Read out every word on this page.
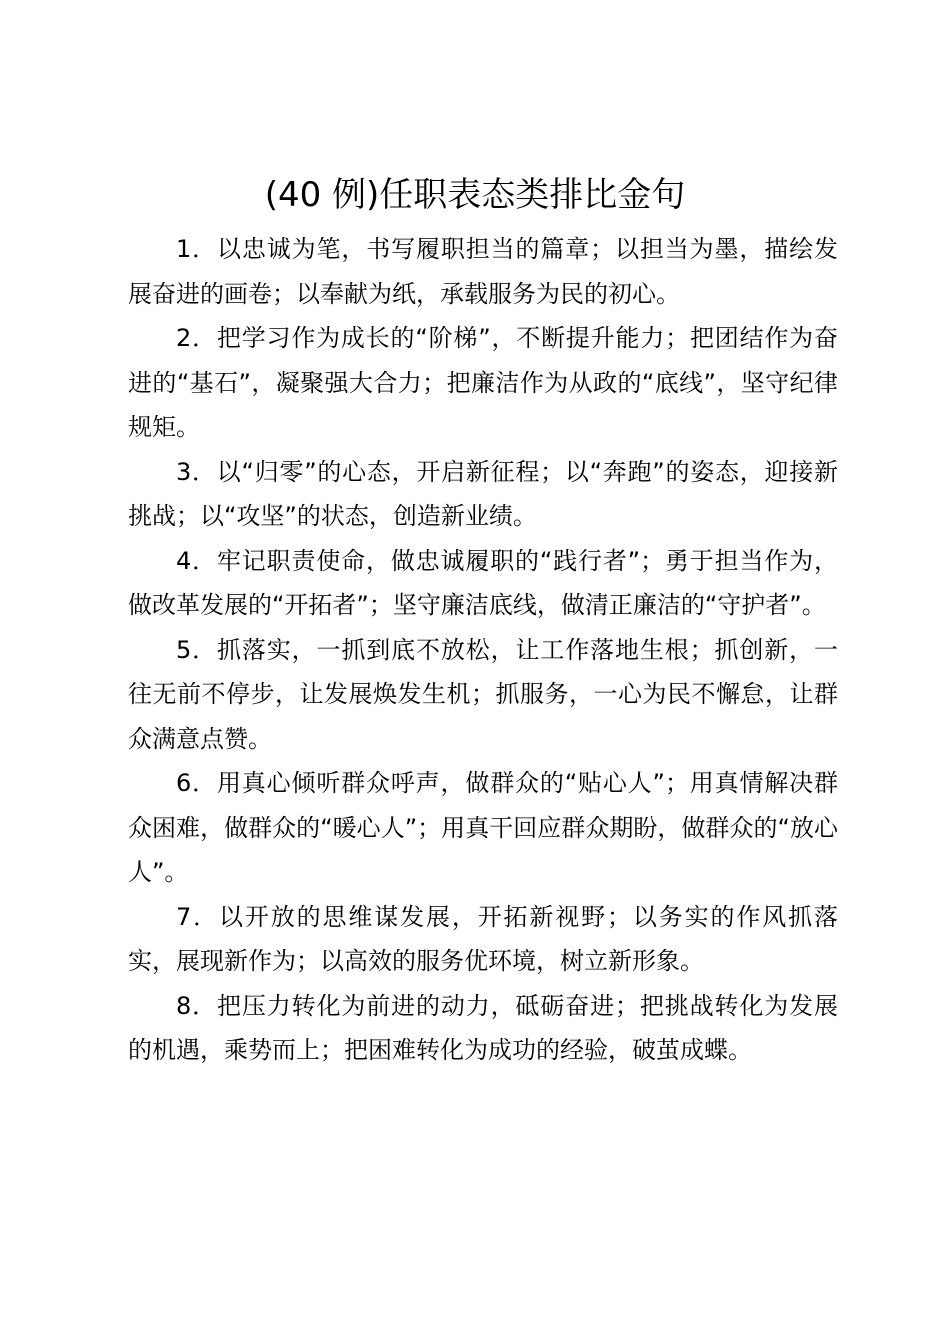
(40 例)任职表态类排比金句

1．以忠诚为笔，书写履职担当的篇章；以担当为墨，描绘发展奋进的画卷；以奉献为纸，承载服务为民的初心。

2．把学习作为成长的“阶梯”，不断提升能力；把团结作为奋进的“基石”，凝聚强大合力；把廉洁作为从政的“底线”，坚守纪律规矩。

3．以“归零”的心态，开启新征程；以“奔跑”的姿态，迎接新挑战；以“攻坚”的状态，创造新业绩。

4．牢记职责使命，做忠诚履职的“践行者”；勇于担当作为，做改革发展的“开拓者”；坚守廉洁底线，做清正廉洁的“守护者”。

5．抓落实，一抓到底不放松，让工作落地生根；抓创新，一往无前不停步，让发展焕发生机；抓服务，一心为民不懈怠，让群众满意点赞。

6．用真心倾听群众呼声，做群众的“贴心人”；用真情解决群众困难，做群众的“暖心人”；用真干回应群众期盼，做群众的“放心人”。

7．以开放的思维谋发展，开拓新视野；以务实的作风抓落实，展现新作为；以高效的服务优环境，树立新形象。

8．把压力转化为前进的动力，砥砺奋进；把挑战转化为发展的机遇，乘势而上；把困难转化为成功的经验，破茧成蝶。
